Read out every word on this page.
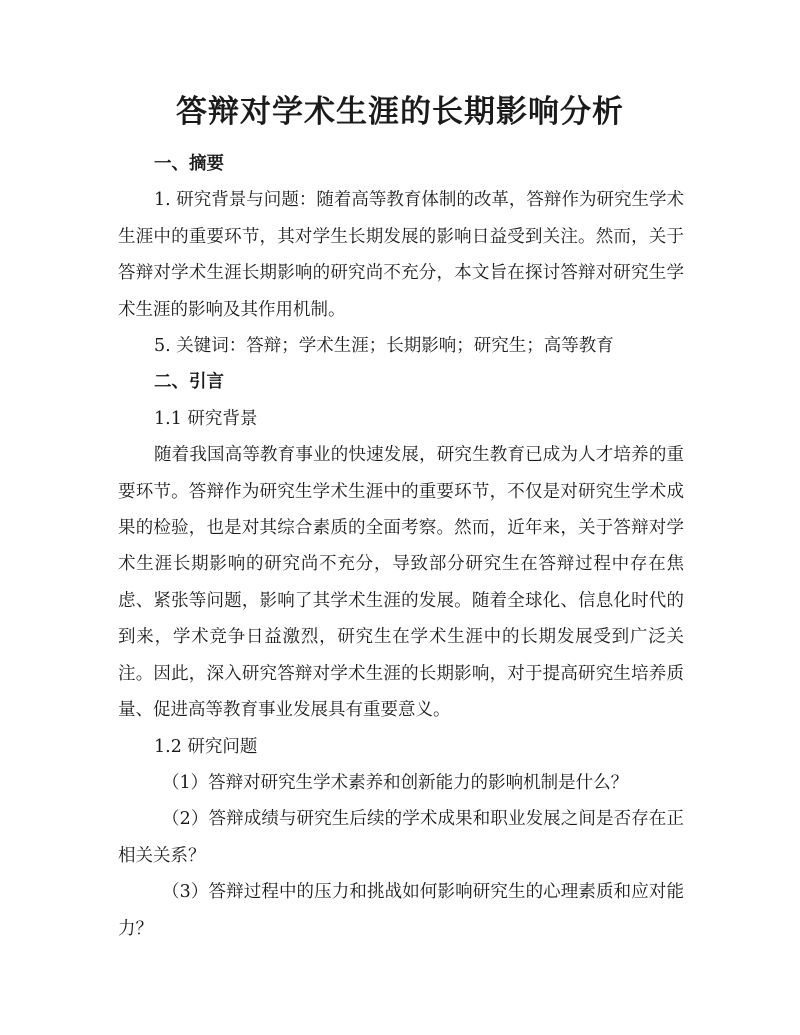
答辩对学术生涯的长期影响分析

一、摘要

1. 研究背景与问题：随着高等教育体制的改革，答辩作为研究生学术生涯中的重要环节，其对学生长期发展的影响日益受到关注。然而，关于答辩对学术生涯长期影响的研究尚不充分，本文旨在探讨答辩对研究生学术生涯的影响及其作用机制。

5. 关键词：答辩；学术生涯；长期影响；研究生；高等教育

二、引言

1.1 研究背景

随着我国高等教育事业的快速发展，研究生教育已成为人才培养的重要环节。答辩作为研究生学术生涯中的重要环节，不仅是对研究生学术成果的检验，也是对其综合素质的全面考察。然而，近年来，关于答辩对学术生涯长期影响的研究尚不充分，导致部分研究生在答辩过程中存在焦虑、紧张等问题，影响了其学术生涯的发展。随着全球化、信息化时代的到来，学术竞争日益激烈，研究生在学术生涯中的长期发展受到广泛关注。因此，深入研究答辩对学术生涯的长期影响，对于提高研究生培养质量、促进高等教育事业发展具有重要意义。

1.2 研究问题

（1）答辩对研究生学术素养和创新能力的影响机制是什么？

（2）答辩成绩与研究生后续的学术成果和职业发展之间是否存在正相关关系？

（3）答辩过程中的压力和挑战如何影响研究生的心理素质和应对能力？
